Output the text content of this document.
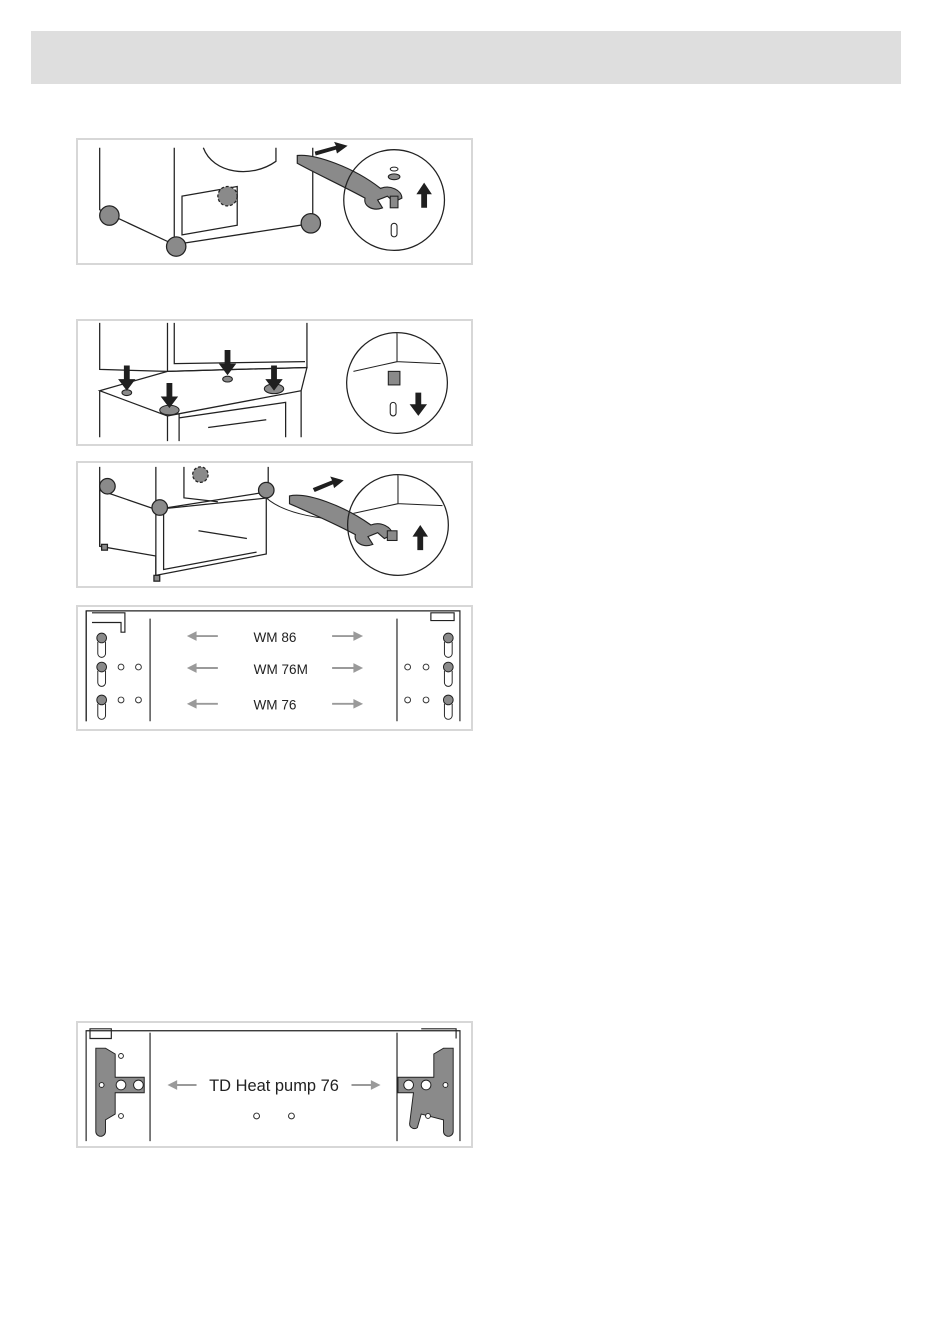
WM 86
WM 76M
WM 76
TD Heat pump 76
